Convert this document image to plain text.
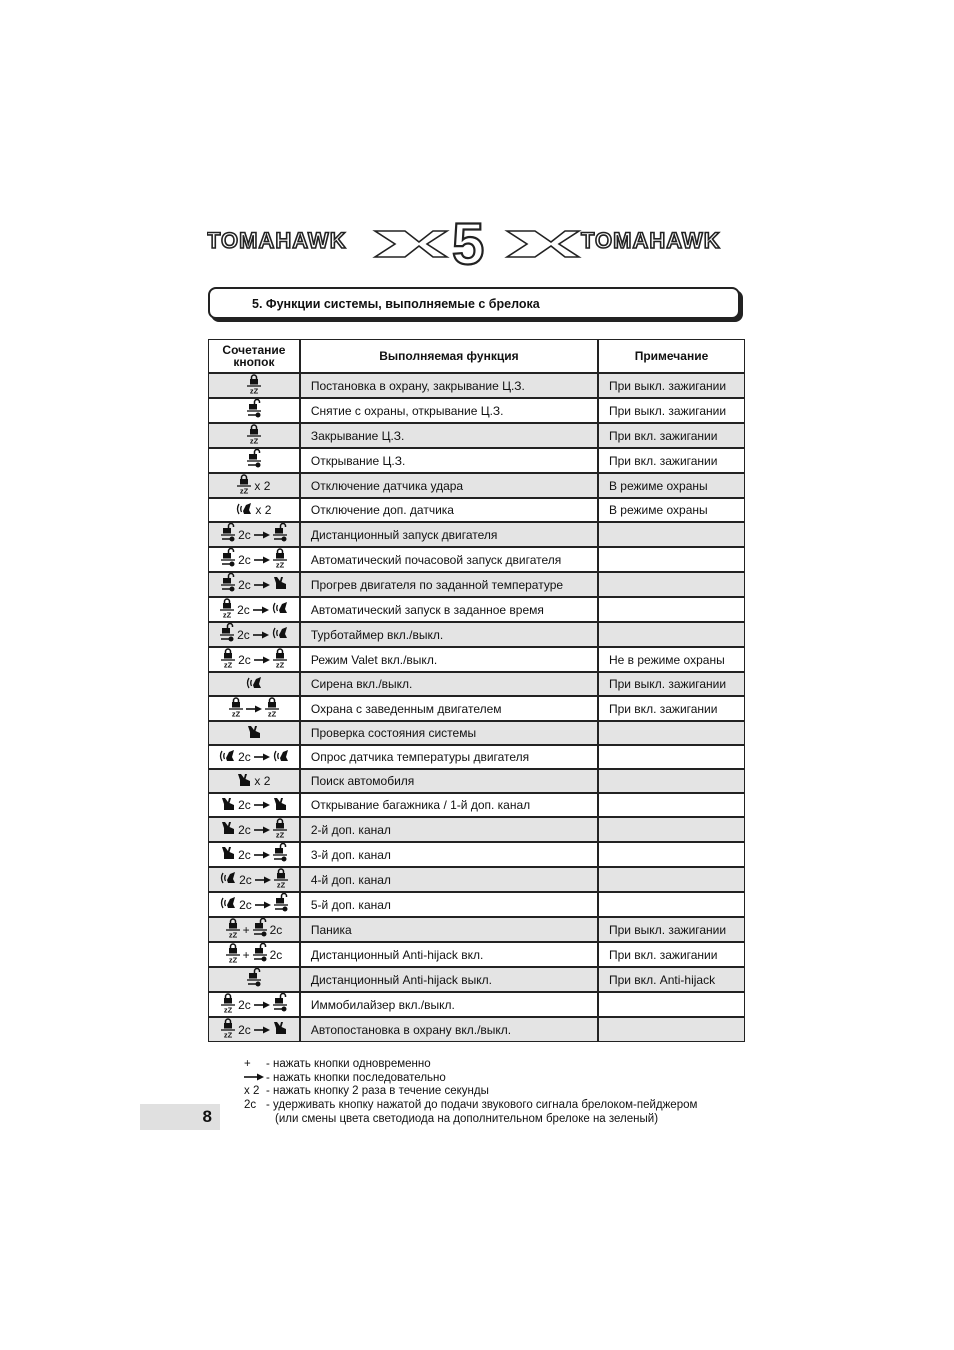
TOMAHAWK 5	TOMAHAWK
5. Функции системы, выполняемые с брелока
Сочетание кнопок	Выполняемая функция	Примечание

zZ	Постановка в охрану, закрывание Ц.З.	При выкл. зажигании

	Снятие с охраны, открывание Ц.З.	При выкл. зажигании

zZ	Закрывание Ц.З.	При вкл. зажигании

	Открывание Ц.З.	При вкл. зажигании

zZ x 2	Отключение датчика удара	В режиме охраны

x 2	Отключение доп. датчика	В режиме охраны

2c	Дистанционный запуск двигателя	

2c zZ	Автоматический почасовой запуск двигателя	

2c	Прогрев двигателя по заданной температуре	

zZ 2c	Автоматический запуск в заданное время	

2c	Турботаймер вкл./выкл.	

zZ 2c zZ	Режим Valet вкл./выкл.	Не в режиме охраны

	Сирена вкл./выкл.	При выкл. зажигании

zZ zZ	Охрана с заведенным двигателем	При вкл. зажигании

	Проверка состояния системы	

2c	Опрос датчика температуры двигателя	

x 2	Поиск автомобиля	

2c	Открывание багажника / 1-й доп. канал	

2c zZ	2-й доп. канал	

2c	3-й доп. канал	

2c zZ	4-й доп. канал	

2c	5-й доп. канал	

zZ + 2c	Паника	При выкл. зажигании

zZ + 2c	Дистанционный Anti-hijack вкл.	При вкл. зажигании

	Дистанционный Anti-hijack выкл.	При вкл. Anti-hijack

zZ 2c	Иммобилайзер вкл./выкл.	

zZ 2c	Автопостановка в охрану вкл./выкл.	
+	- нажать кнопки одновременно
- нажать кнопки последовательно
x 2 - нажать кнопку 2 раза в течение секунды
2c - удерживать кнопку нажатой до подачи звукового сигнала брелоком-пейджером
(или смены цвета светодиода на дополнительном брелоке на зеленый)
8
